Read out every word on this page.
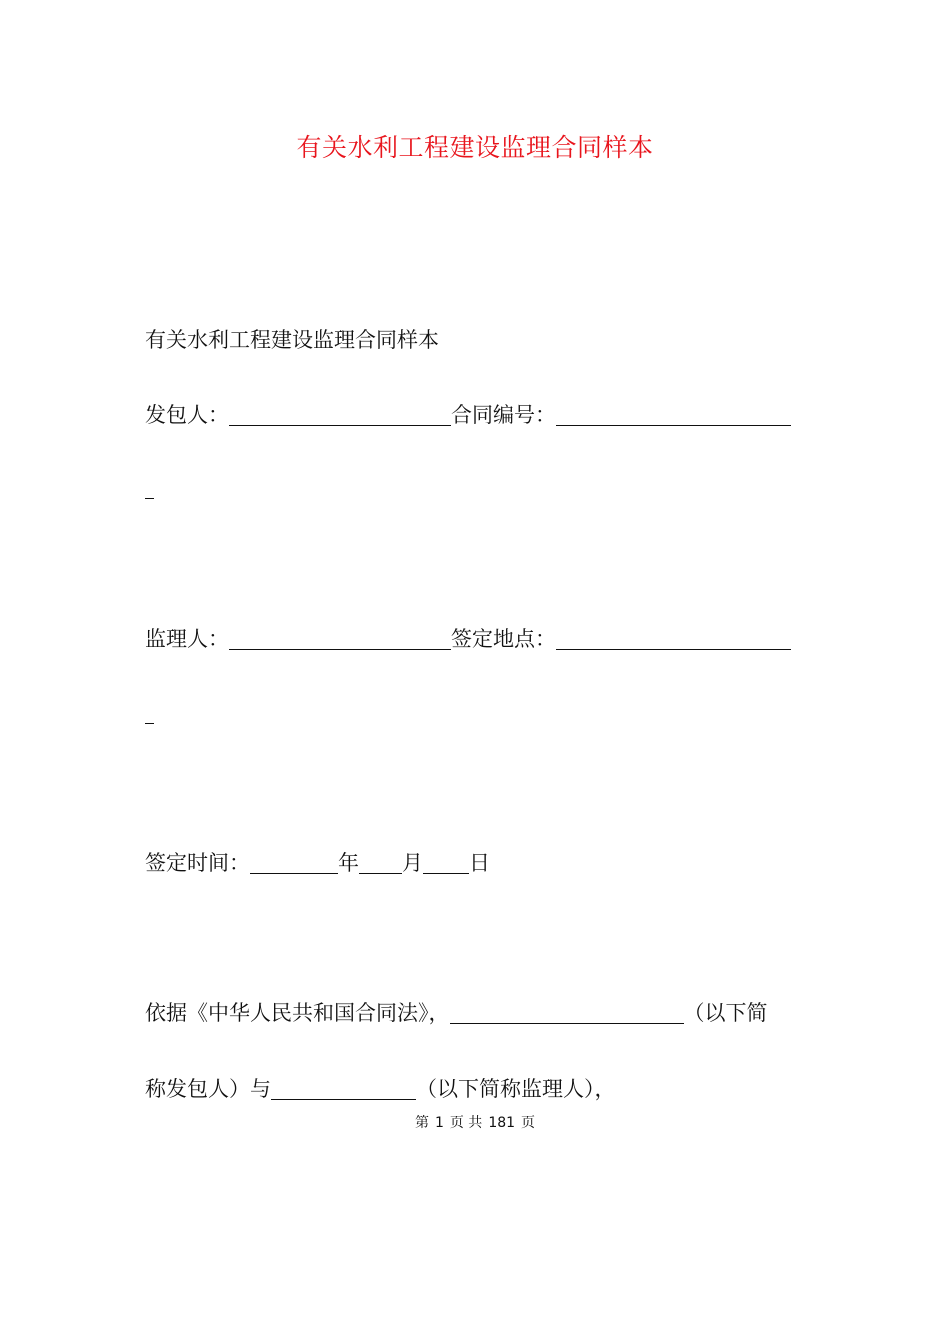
有关水利工程建设监理合同样本
有关水利工程建设监理合同样本
发包人：	合同编号：
监理人：	签定地点：
签定时间：	年 月 日
依据《中华人民共和国合同法》，	（以下简
称发包人）与	（以下简称监理人），
第 1 页 共 181 页
